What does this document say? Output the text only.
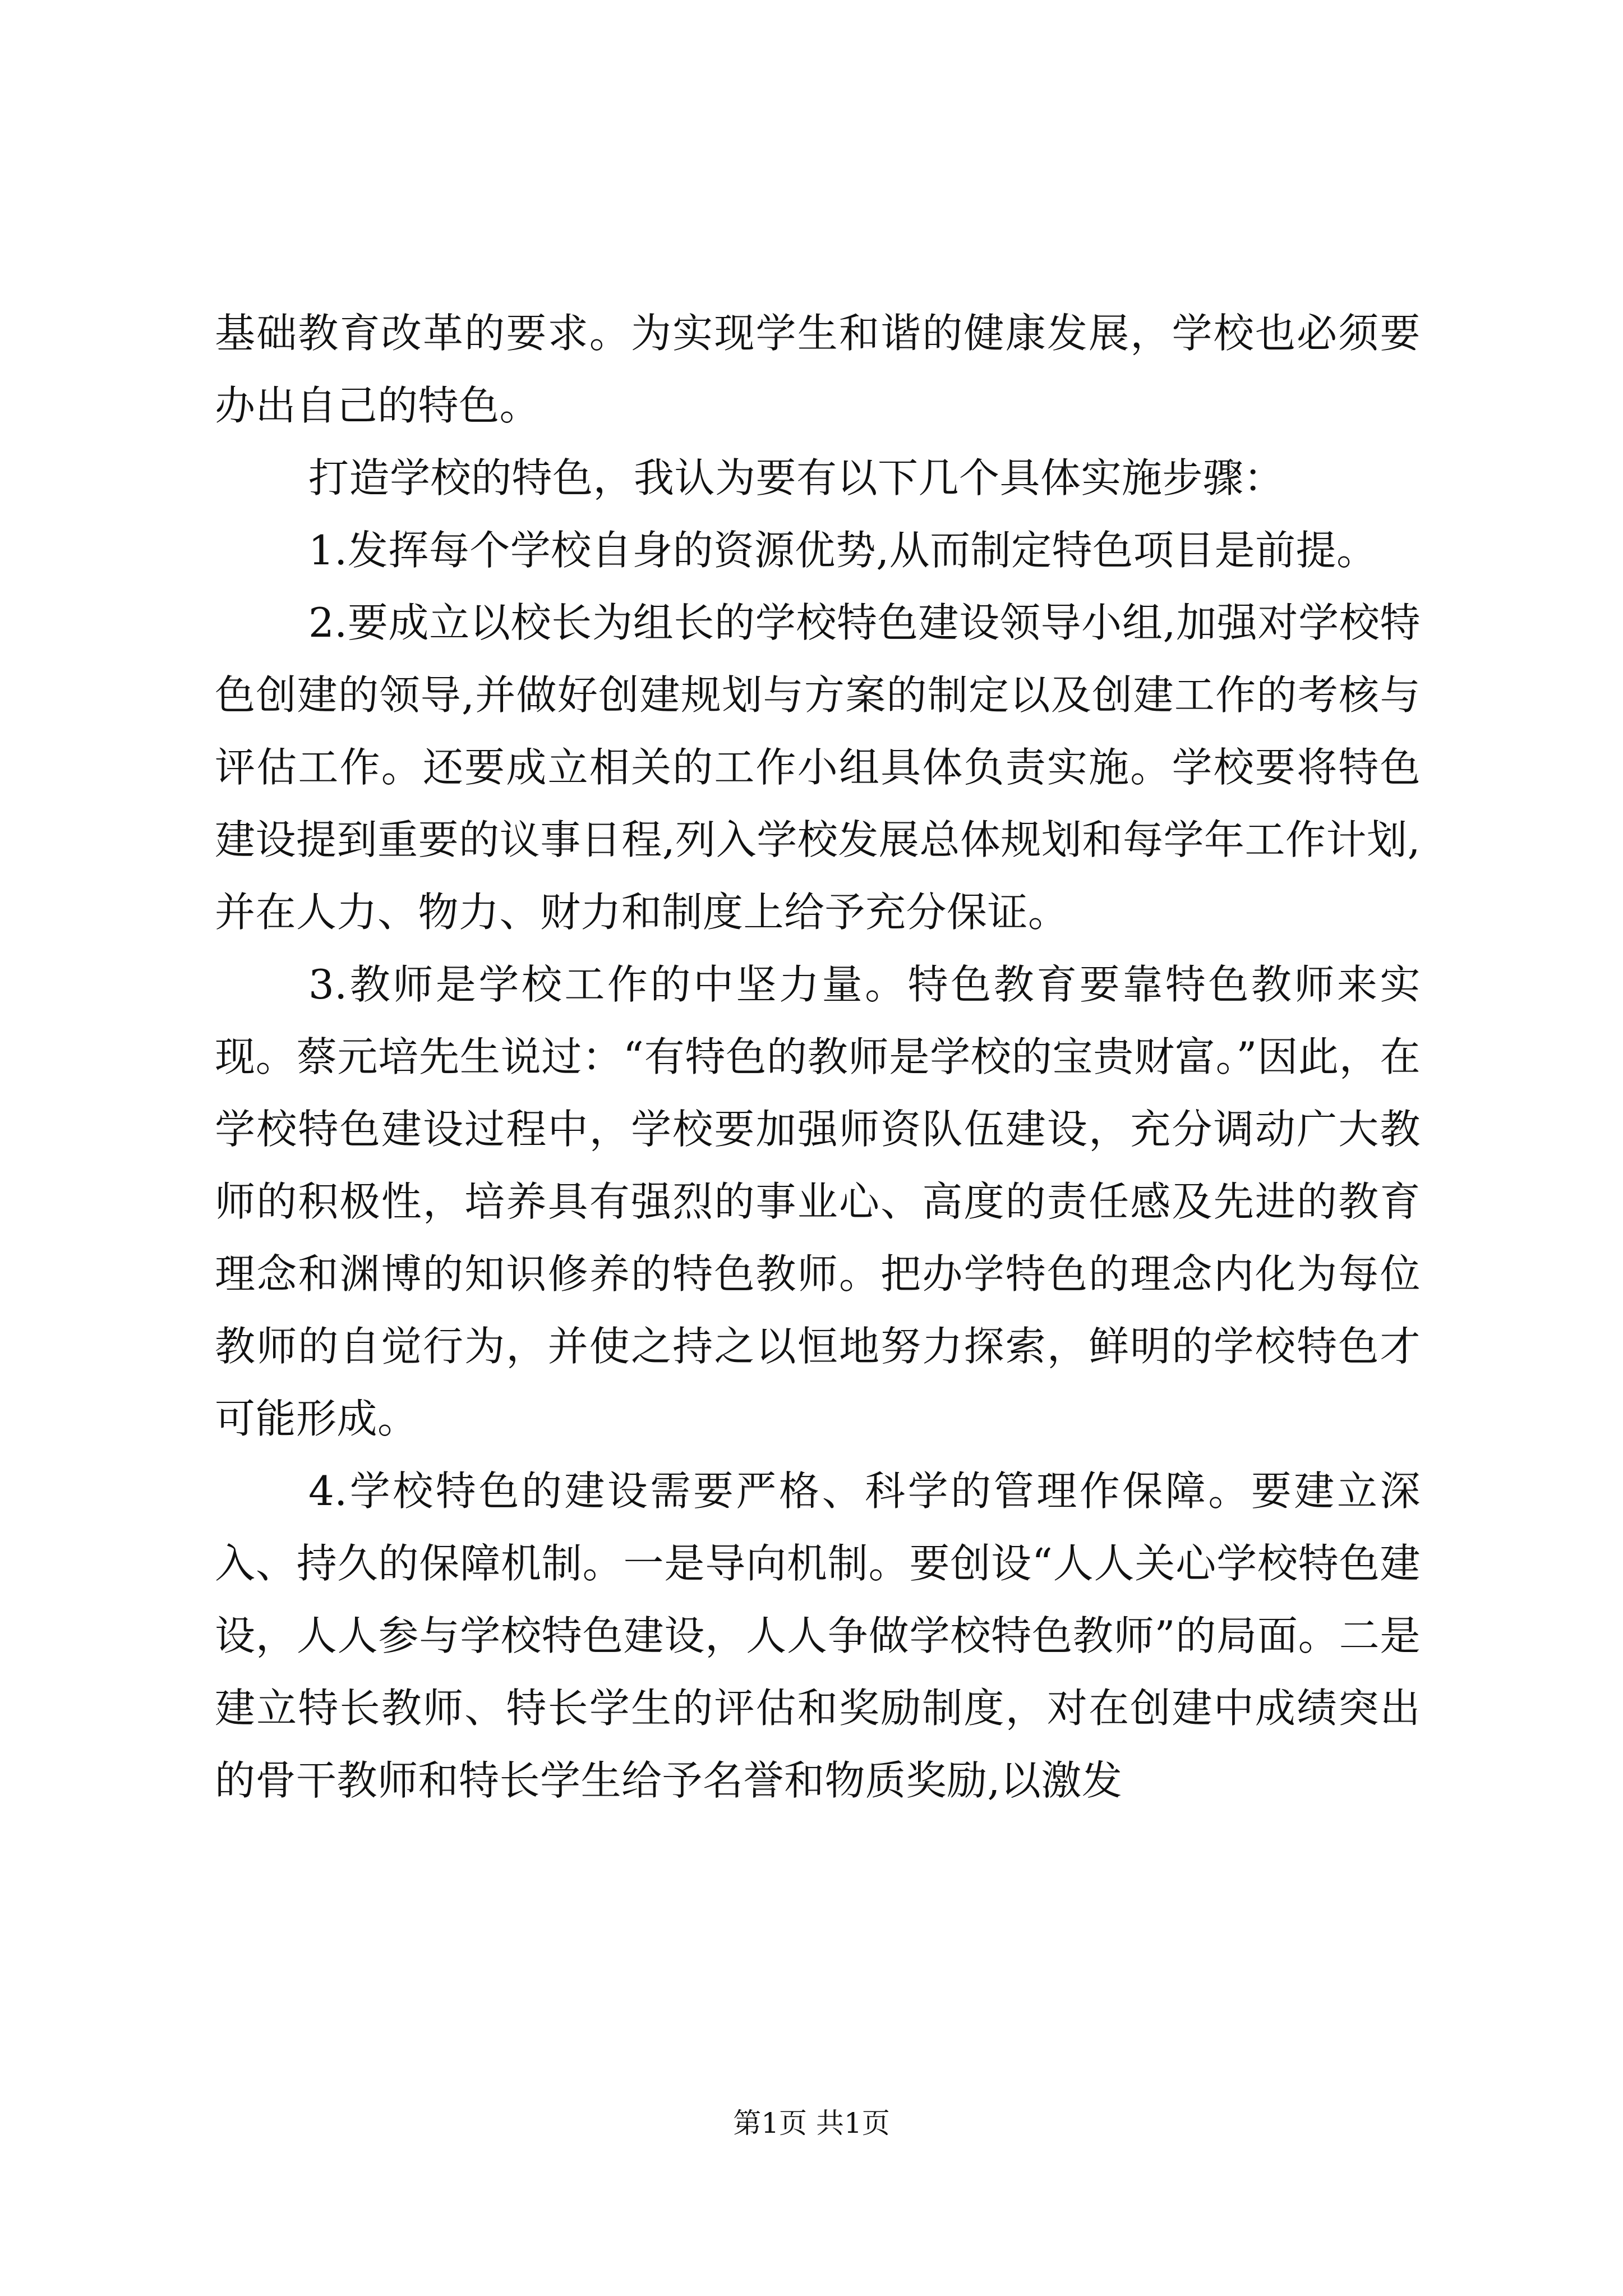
基础教育改革的要求。为实现学生和谐的健康发展，学校也必须要办出自己的特色。

打造学校的特色，我认为要有以下几个具体实施步骤：

1.发挥每个学校自身的资源优势,从而制定特色项目是前提。

2.要成立以校长为组长的学校特色建设领导小组,加强对学校特色创建的领导,并做好创建规划与方案的制定以及创建工作的考核与评估工作。还要成立相关的工作小组具体负责实施。学校要将特色建设提到重要的议事日程,列入学校发展总体规划和每学年工作计划,并在人力、物力、财力和制度上给予充分保证。

3.教师是学校工作的中坚力量。特色教育要靠特色教师来实现。蔡元培先生说过：“有特色的教师是学校的宝贵财富。”因此，在学校特色建设过程中，学校要加强师资队伍建设，充分调动广大教师的积极性，培养具有强烈的事业心、高度的责任感及先进的教育理念和渊博的知识修养的特色教师。把办学特色的理念内化为每位教师的自觉行为，并使之持之以恒地努力探索，鲜明的学校特色才可能形成。

4.学校特色的建设需要严格、科学的管理作保障。要建立深入、持久的保障机制。一是导向机制。要创设“人人关心学校特色建设，人人参与学校特色建设，人人争做学校特色教师”的局面。二是建立特长教师、特长学生的评估和奖励制度，对在创建中成绩突出的骨干教师和特长学生给予名誉和物质奖励,以激发

第1页 共1页
